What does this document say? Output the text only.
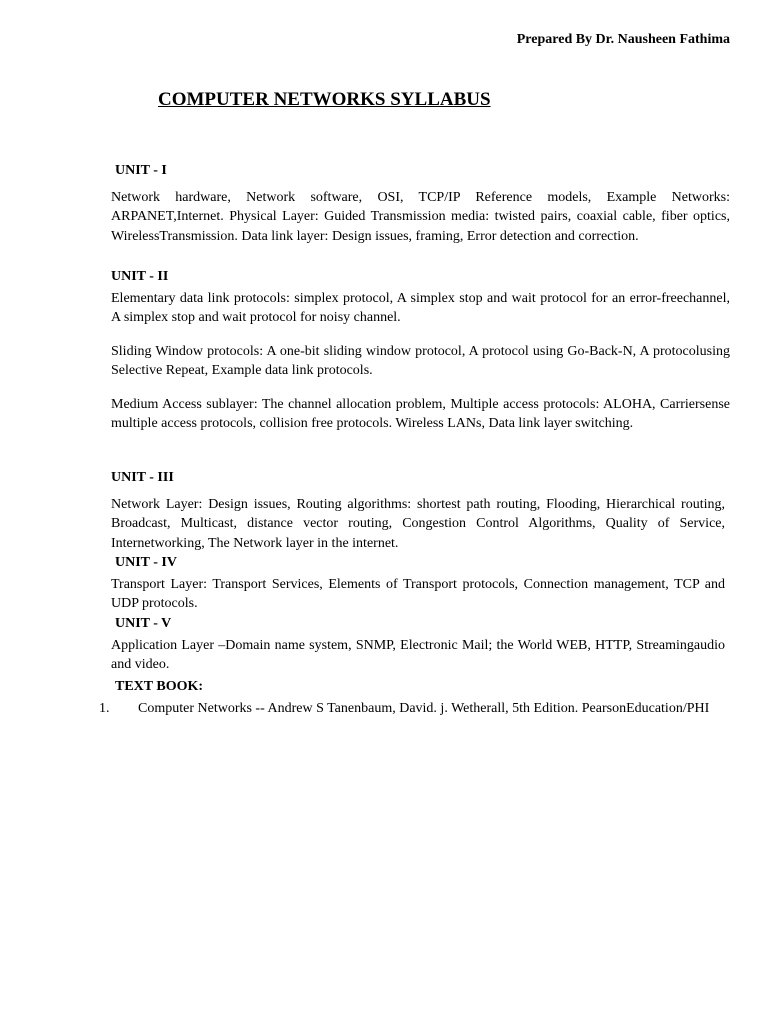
Prepared By Dr. Nausheen Fathima
COMPUTER NETWORKS SYLLABUS
UNIT - I

Network hardware, Network software, OSI, TCP/IP Reference models, Example Networks: ARPANET,Internet. Physical Layer: Guided Transmission media: twisted pairs, coaxial cable, fiber optics, WirelessTransmission. Data link layer: Design issues, framing, Error detection and correction.

UNIT - II

Elementary data link protocols: simplex protocol, A simplex stop and wait protocol for an error-freechannel, A simplex stop and wait protocol for noisy channel.

Sliding Window protocols: A one-bit sliding window protocol, A protocol using Go-Back-N, A protocolusing Selective Repeat, Example data link protocols.

Medium Access sublayer: The channel allocation problem, Multiple access protocols: ALOHA, Carriersense multiple access protocols, collision free protocols. Wireless LANs, Data link layer switching.

UNIT - III

Network Layer: Design issues, Routing algorithms: shortest path routing, Flooding, Hierarchical routing, Broadcast, Multicast, distance vector routing, Congestion Control Algorithms, Quality of Service, Internetworking, The Network layer in the internet.

UNIT - IV

Transport Layer: Transport Services, Elements of Transport protocols, Connection management, TCP and UDP protocols.

UNIT - V

Application Layer –Domain name system, SNMP, Electronic Mail; the World WEB, HTTP, Streamingaudio and video.

TEXT BOOK:
1.	Computer Networks -- Andrew S Tanenbaum, David. j. Wetherall, 5th Edition. PearsonEducation/PHI
